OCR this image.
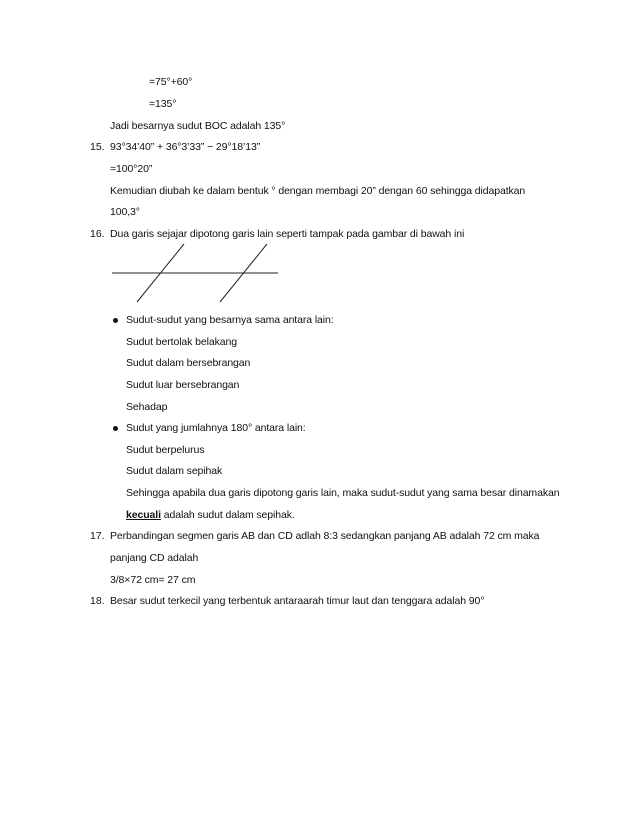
=75°+60°
=135°
Jadi besarnya sudut BOC adalah 135°
15. 93°34’40” + 36°3’33” − 29°18’13”
=100°20”
Kemudian diubah ke dalam bentuk ° dengan membagi 20” dengan 60 sehingga didapatkan
100,3°
16. Dua garis sejajar dipotong garis lain seperti tampak pada gambar di bawah ini
Sudut-sudut yang besarnya sama antara lain:
Sudut bertolak belakang
Sudut dalam bersebrangan
Sudut luar bersebrangan
Sehadap
Sudut yang jumlahnya 180° antara lain:
Sudut berpelurus
Sudut dalam sepihak
Sehingga apabila dua garis dipotong garis lain, maka sudut-sudut yang sama besar dinamakan
kecuali adalah sudut dalam sepihak.
17. Perbandingan segmen garis AB dan CD adlah 8:3 sedangkan panjang AB adalah 72 cm maka
panjang CD adalah
3/8×72 cm= 27 cm
18. Besar sudut terkecil yang terbentuk antaraarah timur laut dan tenggara adalah 90°
